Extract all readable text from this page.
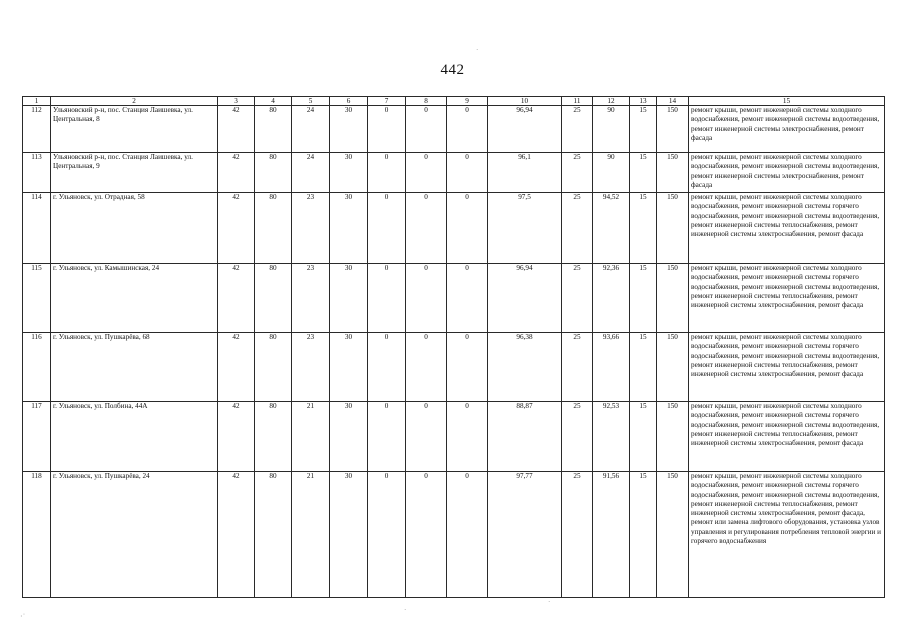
442
1	2	3	4	5	6	7	8	9	10	11	12	13	14	15
112	Ульяновский р-н, пос. Станция Лаишевка, ул. Центральная, 8	42	80	24	30	0	0	0	96,94	25	90	15	150	ремонт крыши, ремонт инженерной системы холодного водоснабжения, ремонт инженерной системы водоотведения, ремонт инженерной системы электроснабжения, ремонт фасада
113	Ульяновский р-н, пос. Станция Лаишевка, ул. Центральная, 9	42	80	24	30	0	0	0	96,1	25	90	15	150	ремонт крыши, ремонт инженерной системы холодного водоснабжения, ремонт инженерной системы водоотведения, ремонт инженерной системы электроснабжения, ремонт фасада
114	г. Ульяновск, ул. Отрадная, 58	42	80	23	30	0	0	0	97,5	25	94,52	15	150	ремонт крыши, ремонт инженерной системы холодного водоснабжения, ремонт инженерной системы горячего водоснабжения, ремонт инженерной системы водоотведения, ремонт инженерной системы теплоснабжения, ремонт инженерной системы электроснабжения, ремонт фасада
115	г. Ульяновск, ул. Камышинская, 24	42	80	23	30	0	0	0	96,94	25	92,36	15	150	ремонт крыши, ремонт инженерной системы холодного водоснабжения, ремонт инженерной системы горячего водоснабжения, ремонт инженерной системы водоотведения, ремонт инженерной системы теплоснабжения, ремонт инженерной системы электроснабжения, ремонт фасада
116	г. Ульяновск, ул. Пушкарёва, 68	42	80	23	30	0	0	0	96,38	25	93,66	15	150	ремонт крыши, ремонт инженерной системы холодного водоснабжения, ремонт инженерной системы горячего водоснабжения, ремонт инженерной системы водоотведения, ремонт инженерной системы теплоснабжения, ремонт инженерной системы электроснабжения, ремонт фасада
117	г. Ульяновск, ул. Полбина, 44А	42	80	21	30	0	0	0	88,87	25	92,53	15	150	ремонт крыши, ремонт инженерной системы холодного водоснабжения, ремонт инженерной системы горячего водоснабжения, ремонт инженерной системы водоотведения, ремонт инженерной системы теплоснабжения, ремонт инженерной системы электроснабжения, ремонт фасада
118	г. Ульяновск, ул. Пушкарёва, 24	42	80	21	30	0	0	0	97,77	25	91,56	15	150	ремонт крыши, ремонт инженерной системы холодного водоснабжения, ремонт инженерной системы горячего водоснабжения, ремонт инженерной системы водоотведения, ремонт инженерной системы теплоснабжения, ремонт инженерной системы электроснабжения, ремонт фасада, ремонт или замена лифтового оборудования, установка узлов управления и регулирования потребления тепловой энергии и горячего водоснабжения
·
·˙
·
·
